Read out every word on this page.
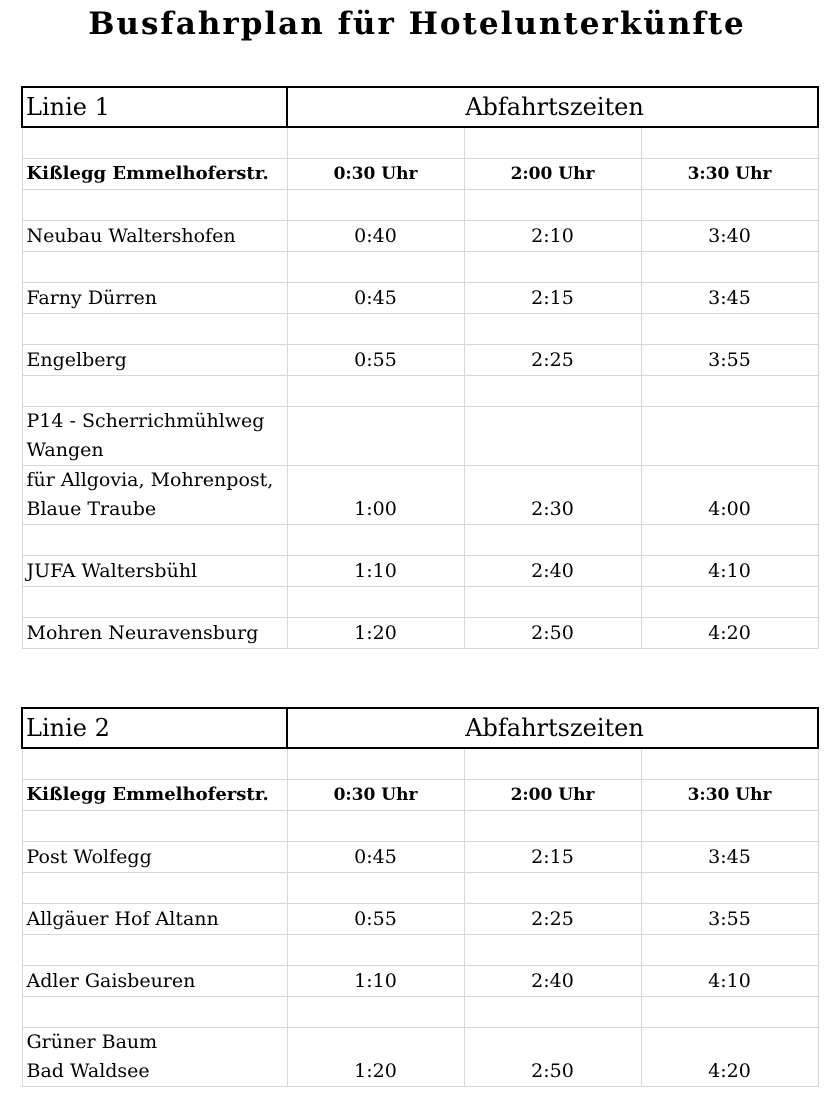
Busfahrplan für Hotelunterkünfte
Linie 1	Abfahrtszeiten		

Kißlegg Emmelhoferstr.	0:30 Uhr	2:00 Uhr	3:30 Uhr

Neubau Waltershofen	0:40	2:10	3:40

Farny Dürren	0:45	2:15	3:45

Engelberg	0:55	2:25	3:55

P14 - Scherrichmühlweg
Wangen			

für Allgovia, Mohrenpost,
Blaue Traube	1:00	2:30	4:00

JUFA Waltersbühl	1:10	2:40	4:10

Mohren Neuravensburg	1:20	2:50	4:20
Linie 2	Abfahrtszeiten		

Kißlegg Emmelhoferstr.	0:30 Uhr	2:00 Uhr	3:30 Uhr

Post Wolfegg	0:45	2:15	3:45

Allgäuer Hof Altann	0:55	2:25	3:55

Adler Gaisbeuren	1:10	2:40	4:10

Grüner Baum
Bad Waldsee	1:20	2:50	4:20
